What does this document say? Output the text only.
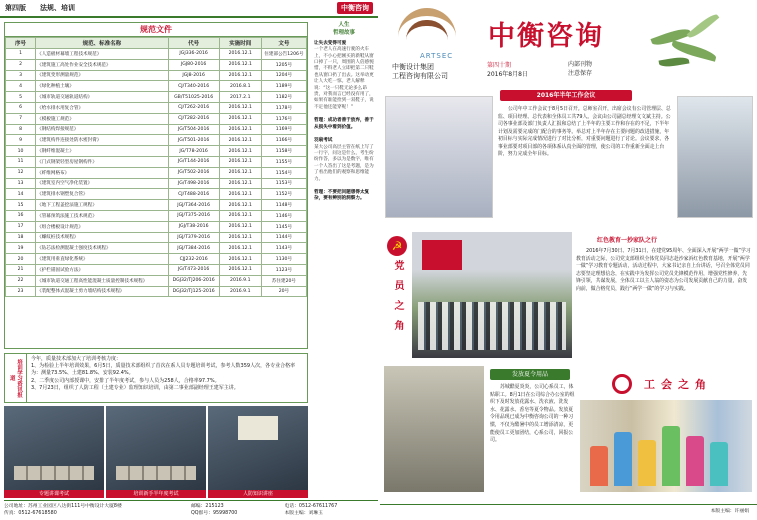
第四版 法规、培训	中衡咨询
规范文件
序号	规范、标准名称	代号	实施时间	文号
1	《人造板材幕墙工程技术规范》	JGJ336-2016	2016.12.1	住建部公告1206号
2	《建筑施工高处作业安全技术规范》	JGJ80-2016	2016.12.1	1205号
3	《建筑变形测量规范》	JGJ8-2016	2016.12.1	1204号
4	《绿化种植土壤》	CJ/T340-2016	2016.8.1	1189号
5	《城市轨道交通轨道结构》	GB/T51025-2016	2017.2.1	1182号
6	《给水排水用复合管》	CJ/T262-2016	2016.12.1	1178号
7	《模板施工规范》	CJ/T282-2016	2016.12.1	1176号
8	《钢结构焊接规范》	JG/T504-2016	2016.12.1	1169号
9	《建筑构件连接处防水密封膏》	JG/T501-2016	2016.12.1	1166号
10	《钢纤维混凝土》	JG/T78-2016	2016.12.1	1158号
11	《门式钢架轻型房屋钢构件》	JG/T144-2016	2016.12.1	1155号
12	《纤维网格布》	JG/T502-2016	2016.12.1	1154号
13	《建筑室内空气净化装置》	JG/T498-2016	2016.12.1	1153号
14	《建筑排水钢塑复合管》	CJ/T488-2016	2016.12.1	1152号
15	《地下工程盖挖法施工规程》	JGJ/T364-2016	2016.12.1	1148号
16	《管幕预筑法施工技术规范》	JGJ/T375-2016	2016.12.1	1146号
17	《组合楼板设计规范》	JGJ/T38-2016	2016.12.1	1145号
18	《螺纹桩技术规程》	JGJ/T379-2016	2016.12.1	1144号
19	《钻芯法检测混凝土强度技术规程》	JGJ/T384-2016	2016.12.1	1143号
20	《建筑用垂直绿化系统》	CJJ232-2016	2016.12.1	1130号
21	《护栏锚固试验方法》	JG/T473-2016	2016.12.1	1123号
22	《城市轨道交通工程高性能混凝土质量控制技术规程》	DGJ32/TJ206-2016	2016.9.1	苏住建20号
23	《装配整体式混凝土剪力墙结构技术规程》	DGJ32/TJ125-2016	2016.9.1	20号
人生
哲理故事
让失去变得可爱
一个老人在高速行驶的火车上，不小心把刚买的新鞋从窗口掉了一只，周围的人倍感惋惜，不料老人立即把第二只鞋也从窗口扔了出去。这举动更让人大吃一惊。老人解释说：“这一只鞋无论多么昂贵，对我而言已经没有用了，如果有谁能捡到一双鞋子，说不定他还能穿呢！”
哲理：成功者善于放弃，善于从损失中看到价值。
羽扇考试
某大公司高层主管在纸上写了一行字，问这是什么，考生纷纷作答，多以为是数字，唯有一个人答出了这是考题，是为了看出他们的观察和思维能力。
哲理：不要把问题想得太复杂，要有辨别的洞察力。
培训学习资讯报道
今年，质量技术部加大了培训考核力度：
1、为检验上半年培训效果，6月5日，质量技术部组织了首次在系人员专题培训考试，参考人数359人次，各专业合格率为：测量73.5%、土建81.8%、安装92.4%。
2、二季度公司内部授课中，安排了半年度考试，参与人员为258人，合格率97.7%。
3、7月23日，组织了人防工程（土建专业）监理知识培训，由第二事业部副经理王建军主讲。
专题讲课考试	培训新手半年度考试	人防知识讲座
公司地址：苏州工业园区八达街111号中衡设计大厦8楼	邮编：215123	电话：0512-67611767
传真：0512-67618580	QQ群号：95998700	本版主编：刘琳玉
ARTSEC
中衡设计集团
工程咨询有限公司
中衡咨询
第四十期
2016年8月8日
内部刊物
注意保存
2016年半年工作会议
公司年中工作会议于8月5日召开。总师室召开，出席会议有公司管理层、总监、项目经理、总代表和全体员工共79人。会议由公司副总经理文文斌主持。公司各事业部及部门负责人汇报和总结了上半年的主要工作和存在的不足，下半年计划及需要完成的门配合的事务等。举总对上半年存在主要问题的改进措施，年初目标与实际完成情况进行了对比分析，对重要问题进行了讨论。会议要求，各事业部要对项目部的各项体系认真全面的管理，使公司的工作重新全面走上台阶，努力完成全年目标。
☭
党员之角
红色教育一抄家队之行
2016年7月30日、7月31日，在建党95周年、全面深入开展“两学一做”学习教育活动之际，公司党支部组织全体党员同志赴沙家浜红色教育基地，开展“两学一做”学习教育专题活动，活动过程中，大家书记亲自上台讲话，号召全体党员同志要坚定理想信念，在实践中为发挥公司党员先锋模范作用，增强党性修养，先锋引领，共谋发展，全体员工以主人翁的姿态为公司发展贡献自己的力量，奋发向前，做合格党员，践行“两学一做”的学习与实践。
发放夏令用品
苏城酷夏炎炎，公司心系员工，体贴职工。8月1日在公司综合办公室的组织下及时发放花露水、洗衣液、洗发水、花露水、香皂等夏令物品。发放夏令用品现已成为中衡咨询公司的一种习惯，不仅为酷暑中的员工增添清凉，更能使员工更加团结，心系公司，回报公司。
工会之角
本版主编：许丽娟
